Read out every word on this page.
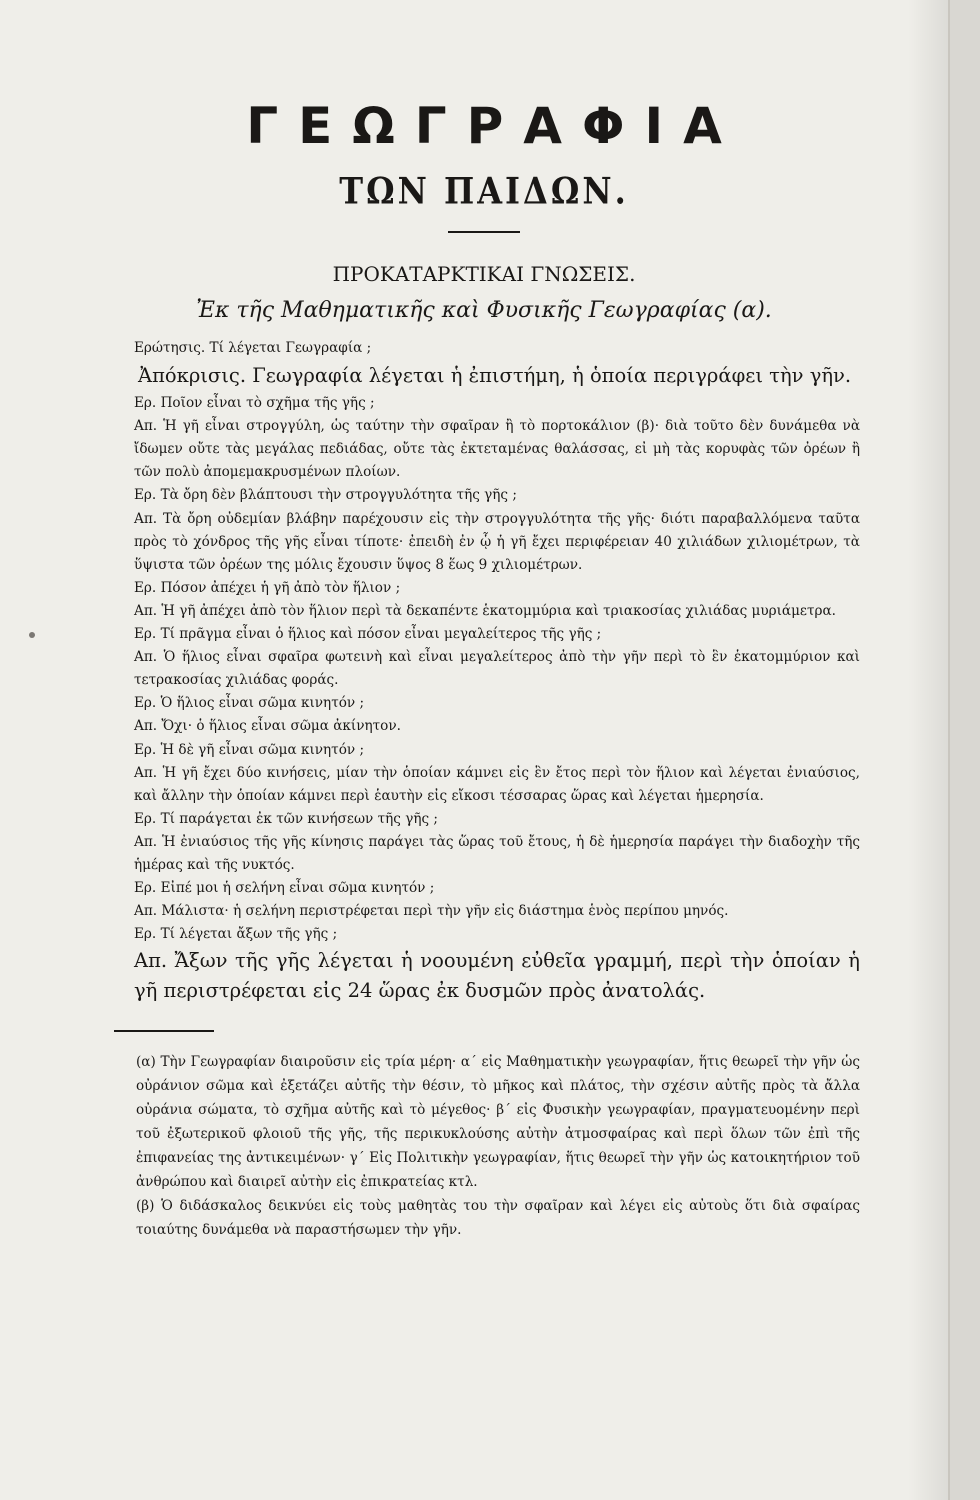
ΓΕΩΓΡΑΦΙΑ
ΤΩΝ ΠΑΙΔΩΝ.
ΠΡΟΚΑΤΑΡΚΤΙΚΑΙ ΓΝΩΣΕΙΣ.
Ἐκ τῆς Μαθηματικῆς καὶ Φυσικῆς Γεωγραφίας (α).

Ερώτησις. Τί λέγεται Γεωγραφία ;

Ἀπόκρισις. Γεωγραφία λέγεται ἡ ἐπιστήμη, ἡ ὁποία περιγράφει τὴν γῆν.

Ερ. Ποῖον εἶναι τὸ σχῆμα τῆς γῆς ;

Απ. Ἡ γῆ εἶναι στρογγύλη, ὡς ταύτην τὴν σφαῖραν ἢ τὸ πορτοκάλιον (β)· διὰ τοῦτο δὲν δυνάμεθα νὰ ἴδωμεν οὔτε τὰς μεγάλας πεδιάδας, οὔτε τὰς ἐκτεταμένας θαλάσσας, εἰ μὴ τὰς κορυφὰς τῶν ὀρέων ἢ τῶν πολὺ ἀπομεμακρυσμένων πλοίων.

Ερ. Τὰ ὄρη δὲν βλάπτουσι τὴν στρογγυλότητα τῆς γῆς ;

Απ. Τὰ ὄρη οὐδεμίαν βλάβην παρέχουσιν εἰς τὴν στρογγυλότητα τῆς γῆς· διότι παραβαλλόμενα ταῦτα πρὸς τὸ χόνδρος τῆς γῆς εἶναι τίποτε· ἐπειδὴ ἐν ᾧ ἡ γῆ ἔχει περιφέρειαν 40 χιλιάδων χιλιομέτρων, τὰ ὕψιστα τῶν ὀρέων της μόλις ἔχουσιν ὕψος 8 ἕως 9 χιλιομέτρων.

Ερ. Πόσον ἀπέχει ἡ γῆ ἀπὸ τὸν ἥλιον ;

Απ. Ἡ γῆ ἀπέχει ἀπὸ τὸν ἥλιον περὶ τὰ δεκαπέντε ἑκατομμύρια καὶ τριακοσίας χιλιάδας μυριάμετρα.

Ερ. Τί πρᾶγμα εἶναι ὁ ἥλιος καὶ πόσον εἶναι μεγαλείτερος τῆς γῆς ;

Απ. Ὁ ἥλιος εἶναι σφαῖρα φωτεινὴ καὶ εἶναι μεγαλείτερος ἀπὸ τὴν γῆν περὶ τὸ ἓν ἑκατομμύριον καὶ τετρακοσίας χιλιάδας φοράς.

Ερ. Ὁ ἥλιος εἶναι σῶμα κινητόν ;

Απ. Ὄχι· ὁ ἥλιος εἶναι σῶμα ἀκίνητον.

Ερ. Ἡ δὲ γῆ εἶναι σῶμα κινητόν ;

Απ. Ἡ γῆ ἔχει δύο κινήσεις, μίαν τὴν ὁποίαν κάμνει εἰς ἓν ἔτος περὶ τὸν ἥλιον καὶ λέγεται ἐνιαύσιος, καὶ ἄλλην τὴν ὁποίαν κάμνει περὶ ἑαυτὴν εἰς εἴκοσι τέσσαρας ὥρας καὶ λέγεται ἡμερησία.

Ερ. Τί παράγεται ἐκ τῶν κινήσεων τῆς γῆς ;

Απ. Ἡ ἐνιαύσιος τῆς γῆς κίνησις παράγει τὰς ὥρας τοῦ ἔτους, ἡ δὲ ἡμερησία παράγει τὴν διαδοχὴν τῆς ἡμέρας καὶ τῆς νυκτός.

Ερ. Εἰπέ μοι ἡ σελήνη εἶναι σῶμα κινητόν ;

Απ. Μάλιστα· ἡ σελήνη περιστρέφεται περὶ τὴν γῆν εἰς διάστημα ἑνὸς περίπου μηνός.

Ερ. Τί λέγεται ἄξων τῆς γῆς ;

Απ. Ἄξων τῆς γῆς λέγεται ἡ νοουμένη εὐθεῖα γραμμή, περὶ τὴν ὁποίαν ἡ γῆ περιστρέφεται εἰς 24 ὥρας ἐκ δυσμῶν πρὸς ἀνατολάς.

(α) Τὴν Γεωγραφίαν διαιροῦσιν εἰς τρία μέρη· α΄ εἰς Μαθηματικὴν γεωγραφίαν, ἥτις θεωρεῖ τὴν γῆν ὡς οὐράνιον σῶμα καὶ ἐξετάζει αὐτῆς τὴν θέσιν, τὸ μῆκος καὶ πλάτος, τὴν σχέσιν αὐτῆς πρὸς τὰ ἄλλα οὐράνια σώματα, τὸ σχῆμα αὐτῆς καὶ τὸ μέγεθος· β΄ εἰς Φυσικὴν γεωγραφίαν, πραγματευομένην περὶ τοῦ ἐξωτερικοῦ φλοιοῦ τῆς γῆς, τῆς περικυκλούσης αὐτὴν ἀτμοσφαίρας καὶ περὶ ὅλων τῶν ἐπὶ τῆς ἐπιφανείας της ἀντικειμένων· γ΄ Εἰς Πολιτικὴν γεωγραφίαν, ἥτις θεωρεῖ τὴν γῆν ὡς κατοικητήριον τοῦ ἀνθρώπου καὶ διαιρεῖ αὐτὴν εἰς ἐπικρατείας κτλ.

(β) Ὁ διδάσκαλος δεικνύει εἰς τοὺς μαθητὰς του τὴν σφαῖραν καὶ λέγει εἰς αὐτοὺς ὅτι διὰ σφαίρας τοιαύτης δυνάμεθα νὰ παραστήσωμεν τὴν γῆν.
